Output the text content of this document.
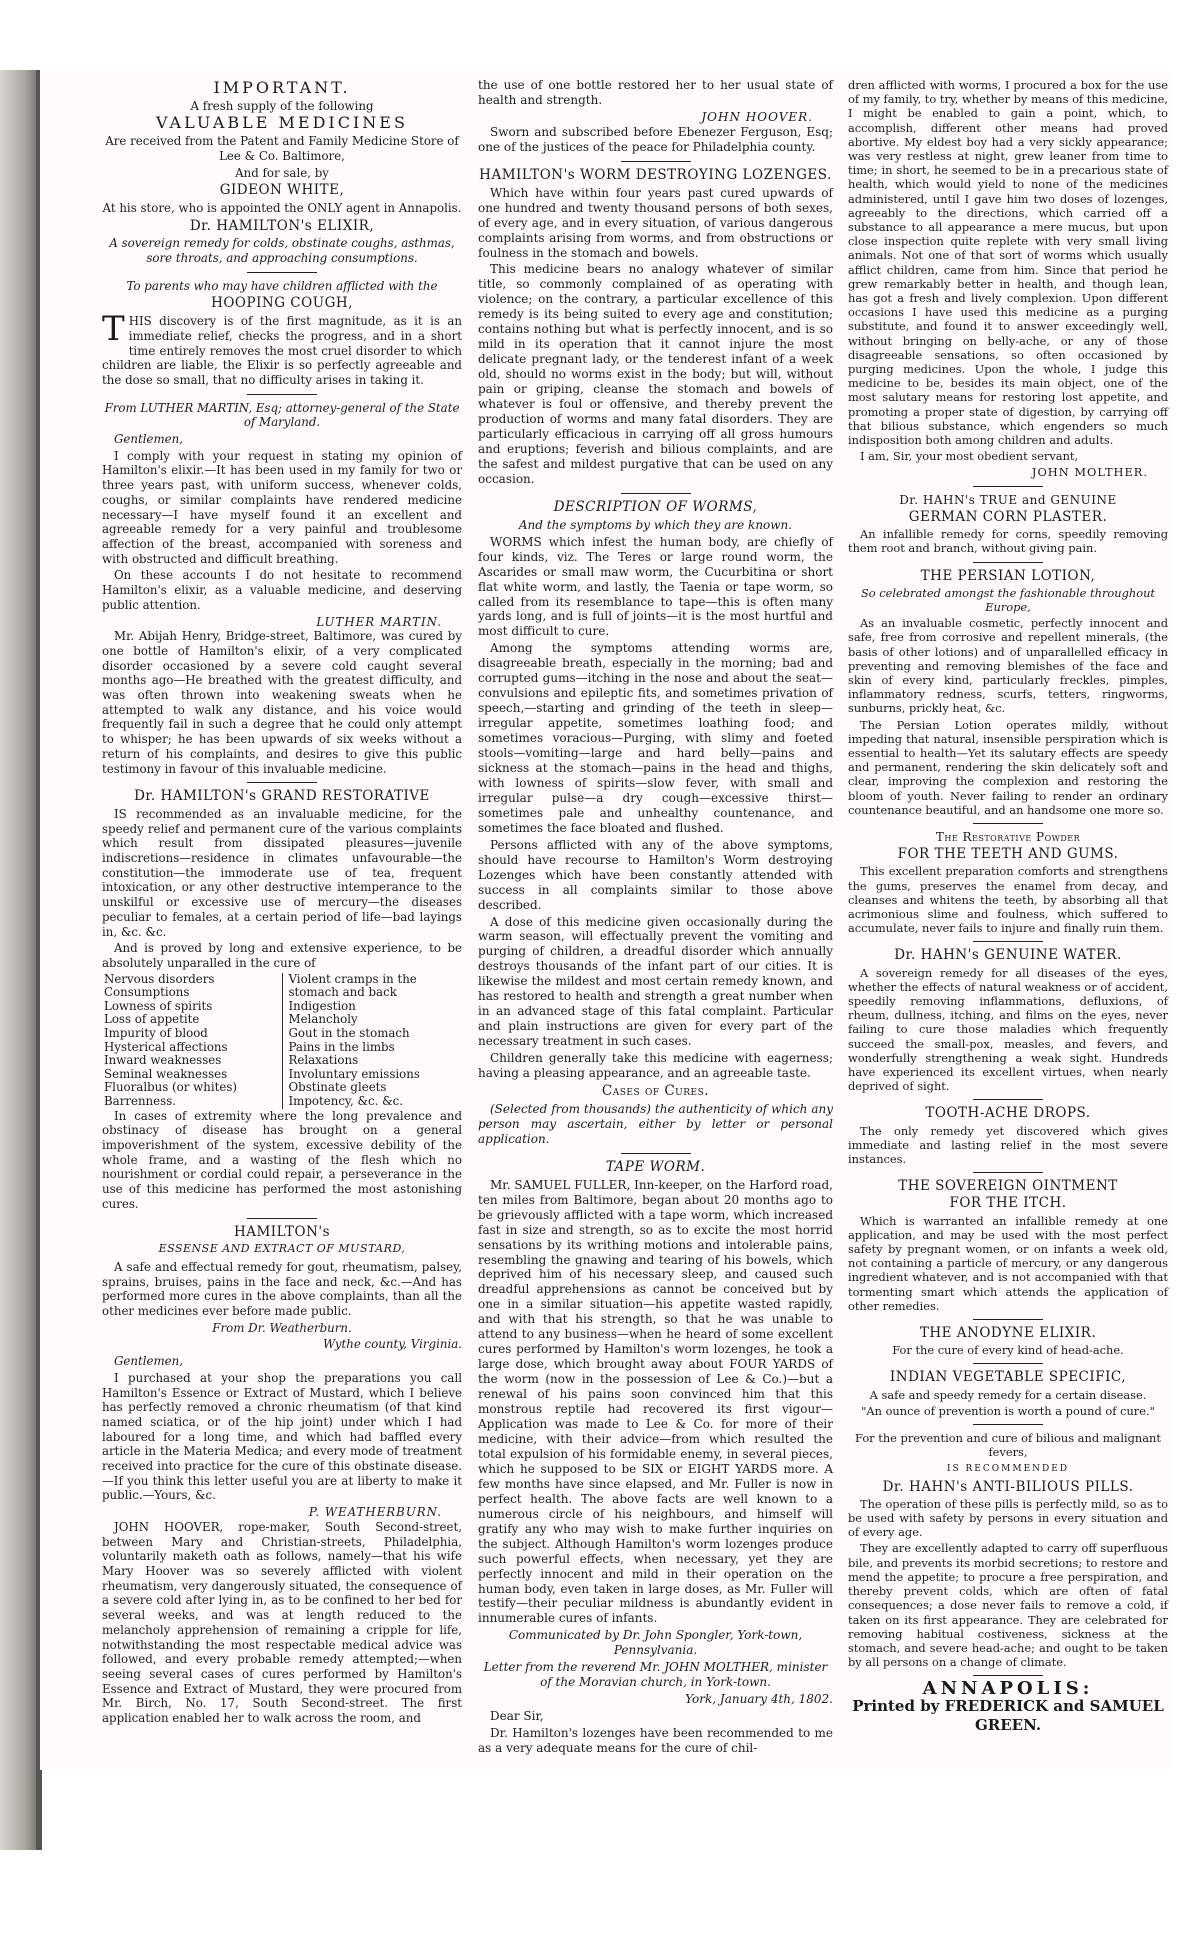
IMPORTANT.

A fresh supply of the following

VALUABLE MEDICINES

Are received from the Patent and Family Medicine Store of Lee & Co. Baltimore,

And for sale, by

GIDEON WHITE,

At his store, who is appointed the ONLY agent in Annapolis.

Dr. HAMILTON's ELIXIR,

A sovereign remedy for colds, obstinate coughs, asthmas, sore throats, and approaching consumptions.

To parents who may have children afflicted with the

HOOPING COUGH,

THIS discovery is of the first magnitude, as it is an immediate relief, checks the progress, and in a short time entirely removes the most cruel disorder to which children are liable, the Elixir is so perfectly agreeable and the dose so small, that no difficulty arises in taking it.

From LUTHER MARTIN, Esq; attorney-general of the State of Maryland.

Gentlemen,

I comply with your request in stating my opinion of Hamilton's elixir.—It has been used in my family for two or three years past, with uniform success, whenever colds, coughs, or similar complaints have rendered medicine necessary—I have myself found it an excellent and agreeable remedy for a very painful and troublesome affection of the breast, accompanied with soreness and with obstructed and difficult breathing.

On these accounts I do not hesitate to recommend Hamilton's elixir, as a valuable medicine, and deserving public attention.

LUTHER MARTIN.

Mr. Abijah Henry, Bridge-street, Baltimore, was cured by one bottle of Hamilton's elixir, of a very complicated disorder occasioned by a severe cold caught several months ago—He breathed with the greatest difficulty, and was often thrown into weakening sweats when he attempted to walk any distance, and his voice would frequently fail in such a degree that he could only attempt to whisper; he has been upwards of six weeks without a return of his complaints, and desires to give this public testimony in favour of this invaluable medicine.

Dr. HAMILTON's GRAND RESTORATIVE

IS recommended as an invaluable medicine, for the speedy relief and permanent cure of the various complaints which result from dissipated pleasures—juvenile indiscretions—residence in climates unfavourable—the constitution—the immoderate use of tea, frequent intoxication, or any other destructive intemperance to the unskilful or excessive use of mercury—the diseases peculiar to females, at a certain period of life—bad layings in, &c. &c.

And is proved by long and extensive experience, to be absolutely unparalled in the cure of

Nervous disorders	Violent cramps in the
Consumptions	stomach and back
Lowness of spirits	Indigestion
Loss of appetite	Melancholy
Impurity of blood	Gout in the stomach
Hysterical affections	Pains in the limbs
Inward weaknesses	Relaxations
Seminal weaknesses	Involuntary emissions
Fluoralbus (or whites)	Obstinate gleets
Barrenness.	Impotency, &c. &c.

In cases of extremity where the long prevalence and obstinacy of disease has brought on a general impoverishment of the system, excessive debility of the whole frame, and a wasting of the flesh which no nourishment or cordial could repair, a perseverance in the use of this medicine has performed the most astonishing cures.

HAMILTON's
ESSENSE AND EXTRACT OF MUSTARD,

A safe and effectual remedy for gout, rheumatism, palsey, sprains, bruises, pains in the face and neck, &c.—And has performed more cures in the above complaints, than all the other medicines ever before made public.

From Dr. Weatherburn.

Wythe county, Virginia.

Gentlemen,

I purchased at your shop the preparations you call Hamilton's Essence or Extract of Mustard, which I believe has perfectly removed a chronic rheumatism (of that kind named sciatica, or of the hip joint) under which I had laboured for a long time, and which had baffled every article in the Materia Medica; and every mode of treatment received into practice for the cure of this obstinate disease.—If you think this letter useful you are at liberty to make it public.—Yours, &c.

P. WEATHERBURN.

JOHN HOOVER, rope-maker, South Second-street, between Mary and Christian-streets, Philadelphia, voluntarily maketh oath as follows, namely—that his wife Mary Hoover was so severely afflicted with violent rheumatism, very dangerously situated, the consequence of a severe cold after lying in, as to be confined to her bed for several weeks, and was at length reduced to the melancholy apprehension of remaining a cripple for life, notwithstanding the most respectable medical advice was followed, and every probable remedy attempted;—when seeing several cases of cures performed by Hamilton's Essence and Extract of Mustard, they were procured from Mr. Birch, No. 17, South Second-street. The first application enabled her to walk across the room, and

the use of one bottle restored her to her usual state of health and strength.

JOHN HOOVER.

Sworn and subscribed before Ebenezer Ferguson, Esq; one of the justices of the peace for Philadelphia county.

HAMILTON's WORM DESTROYING LOZENGES.

Which have within four years past cured upwards of one hundred and twenty thousand persons of both sexes, of every age, and in every situation, of various dangerous complaints arising from worms, and from obstructions or foulness in the stomach and bowels.

This medicine bears no analogy whatever of similar title, so commonly complained of as operating with violence; on the contrary, a particular excellence of this remedy is its being suited to every age and constitution; contains nothing but what is perfectly innocent, and is so mild in its operation that it cannot injure the most delicate pregnant lady, or the tenderest infant of a week old, should no worms exist in the body; but will, without pain or griping, cleanse the stomach and bowels of whatever is foul or offensive, and thereby prevent the production of worms and many fatal disorders. They are particularly efficacious in carrying off all gross humours and eruptions; feverish and bilious complaints, and are the safest and mildest purgative that can be used on any occasion.

DESCRIPTION OF WORMS,

And the symptoms by which they are known.

WORMS which infest the human body, are chiefly of four kinds, viz. The Teres or large round worm, the Ascarides or small maw worm, the Cucurbitina or short flat white worm, and lastly, the Taenia or tape worm, so called from its resemblance to tape—this is often many yards long, and is full of joints—it is the most hurtful and most difficult to cure.

Among the symptoms attending worms are, disagreeable breath, especially in the morning; bad and corrupted gums—itching in the nose and about the seat—convulsions and epileptic fits, and sometimes privation of speech,—starting and grinding of the teeth in sleep—irregular appetite, sometimes loathing food; and sometimes voracious—Purging, with slimy and foeted stools—vomiting—large and hard belly—pains and sickness at the stomach—pains in the head and thighs, with lowness of spirits—slow fever, with small and irregular pulse—a dry cough—excessive thirst—sometimes pale and unhealthy countenance, and sometimes the face bloated and flushed.

Persons afflicted with any of the above symptoms, should have recourse to Hamilton's Worm destroying Lozenges which have been constantly attended with success in all complaints similar to those above described.

A dose of this medicine given occasionally during the warm season, will effectually prevent the vomiting and purging of children, a dreadful disorder which annually destroys thousands of the infant part of our cities. It is likewise the mildest and most certain remedy known, and has restored to health and strength a great number when in an advanced stage of this fatal complaint. Particular and plain instructions are given for every part of the necessary treatment in such cases.

Children generally take this medicine with eagerness; having a pleasing appearance, and an agreeable taste.

Cases of Cures.

(Selected from thousands) the authenticity of which any person may ascertain, either by letter or personal application.

TAPE WORM.

Mr. SAMUEL FULLER, Inn-keeper, on the Harford road, ten miles from Baltimore, began about 20 months ago to be grievously afflicted with a tape worm, which increased fast in size and strength, so as to excite the most horrid sensations by its writhing motions and intolerable pains, resembling the gnawing and tearing of his bowels, which deprived him of his necessary sleep, and caused such dreadful apprehensions as cannot be conceived but by one in a similar situation—his appetite wasted rapidly, and with that his strength, so that he was unable to attend to any business—when he heard of some excellent cures performed by Hamilton's worm lozenges, he took a large dose, which brought away about FOUR YARDS of the worm (now in the possession of Lee & Co.)—but a renewal of his pains soon convinced him that this monstrous reptile had recovered its first vigour—Application was made to Lee & Co. for more of their medicine, with their advice—from which resulted the total expulsion of his formidable enemy, in several pieces, which he supposed to be SIX or EIGHT YARDS more. A few months have since elapsed, and Mr. Fuller is now in perfect health. The above facts are well known to a numerous circle of his neighbours, and himself will gratify any who may wish to make further inquiries on the subject. Although Hamilton's worm lozenges produce such powerful effects, when necessary, yet they are perfectly innocent and mild in their operation on the human body, even taken in large doses, as Mr. Fuller will testify—their peculiar mildness is abundantly evident in innumerable cures of infants.

Communicated by Dr. John Spongler, York-town, Pennsylvania.

Letter from the reverend Mr. JOHN MOLTHER, minister of the Moravian church, in York-town.

York, January 4th, 1802.

Dear Sir,

Dr. Hamilton's lozenges have been recommended to me as a very adequate means for the cure of chil-

dren afflicted with worms, I procured a box for the use of my family, to try, whether by means of this medicine, I might be enabled to gain a point, which, to accomplish, different other means had proved abortive. My eldest boy had a very sickly appearance; was very restless at night, grew leaner from time to time; in short, he seemed to be in a precarious state of health, which would yield to none of the medicines administered, until I gave him two doses of lozenges, agreeably to the directions, which carried off a substance to all appearance a mere mucus, but upon close inspection quite replete with very small living animals. Not one of that sort of worms which usually afflict children, came from him. Since that period he grew remarkably better in health, and though lean, has got a fresh and lively complexion. Upon different occasions I have used this medicine as a purging substitute, and found it to answer exceedingly well, without bringing on belly-ache, or any of those disagreeable sensations, so often occasioned by purging medicines. Upon the whole, I judge this medicine to be, besides its main object, one of the most salutary means for restoring lost appetite, and promoting a proper state of digestion, by carrying off that bilious substance, which engenders so much indisposition both among children and adults.

I am, Sir, your most obedient servant,

JOHN MOLTHER.
Dr. HAHN's TRUE and GENUINE
GERMAN CORN PLASTER.

An infallible remedy for corns, speedily removing them root and branch, without giving pain.

THE PERSIAN LOTION,

So celebrated amongst the fashionable throughout Europe,

As an invaluable cosmetic, perfectly innocent and safe, free from corrosive and repellent minerals, (the basis of other lotions) and of unparallelled efficacy in preventing and removing blemishes of the face and skin of every kind, particularly freckles, pimples, inflammatory redness, scurfs, tetters, ringworms, sunburns, prickly heat, &c.

The Persian Lotion operates mildly, without impeding that natural, insensible perspiration which is essential to health—Yet its salutary effects are speedy and permanent, rendering the skin delicately soft and clear, improving the complexion and restoring the bloom of youth. Never failing to render an ordinary countenance beautiful, and an handsome one more so.

The Restorative Powder
FOR THE TEETH AND GUMS.

This excellent preparation comforts and strengthens the gums, preserves the enamel from decay, and cleanses and whitens the teeth, by absorbing all that acrimonious slime and foulness, which suffered to accumulate, never fails to injure and finally ruin them.

Dr. HAHN's GENUINE WATER.

A sovereign remedy for all diseases of the eyes, whether the effects of natural weakness or of accident, speedily removing inflammations, defluxions, of rheum, dullness, itching, and films on the eyes, never failing to cure those maladies which frequently succeed the small-pox, measles, and fevers, and wonderfully strengthening a weak sight. Hundreds have experienced its excellent virtues, when nearly deprived of sight.

TOOTH-ACHE DROPS.

The only remedy yet discovered which gives immediate and lasting relief in the most severe instances.

THE SOVEREIGN OINTMENT
FOR THE ITCH.

Which is warranted an infallible remedy at one application, and may be used with the most perfect safety by pregnant women, or on infants a week old, not containing a particle of mercury, or any dangerous ingredient whatever, and is not accompanied with that tormenting smart which attends the application of other remedies.

THE ANODYNE ELIXIR.

For the cure of every kind of head-ache.

INDIAN VEGETABLE SPECIFIC,

A safe and speedy remedy for a certain disease.

"An ounce of prevention is worth a pound of cure."

For the prevention and cure of bilious and malignant fevers,

IS RECOMMENDED
Dr. HAHN's ANTI-BILIOUS PILLS.

The operation of these pills is perfectly mild, so as to be used with safety by persons in every situation and of every age.

They are excellently adapted to carry off superfluous bile, and prevents its morbid secretions; to restore and mend the appetite; to procure a free perspiration, and thereby prevent colds, which are often of fatal consequences; a dose never fails to remove a cold, if taken on its first appearance. They are celebrated for removing habitual costiveness, sickness at the stomach, and severe head-ache; and ought to be taken by all persons on a change of climate.

ANNAPOLIS:
Printed by FREDERICK and SAMUEL
GREEN.
